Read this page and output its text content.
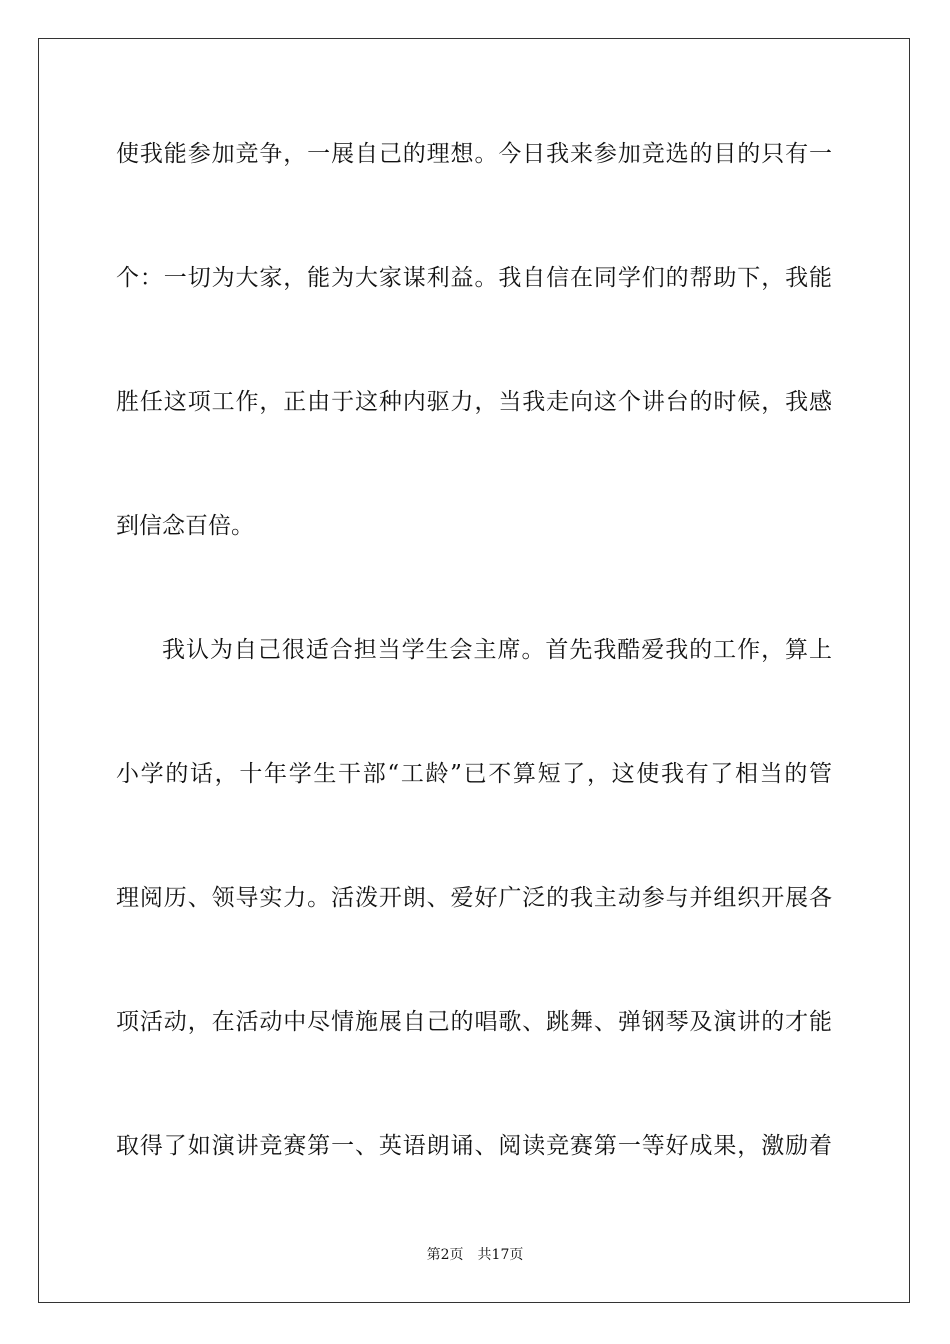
使我能参加竞争，一展自己的理想。今日我来参加竞选的目的只有一
个：一切为大家，能为大家谋利益。我自信在同学们的帮助下，我能
胜任这项工作，正由于这种内驱力，当我走向这个讲台的时候，我感
到信念百倍。
我认为自己很适合担当学生会主席。首先我酷爱我的工作，算上
小学的话，十年学生干部“工龄”已不算短了，这使我有了相当的管
理阅历、领导实力。活泼开朗、爱好广泛的我主动参与并组织开展各
项活动，在活动中尽情施展自己的唱歌、跳舞、弹钢琴及演讲的才能
取得了如演讲竞赛第一、英语朗诵、阅读竞赛第一等好成果，激励着
第2页 共17页
